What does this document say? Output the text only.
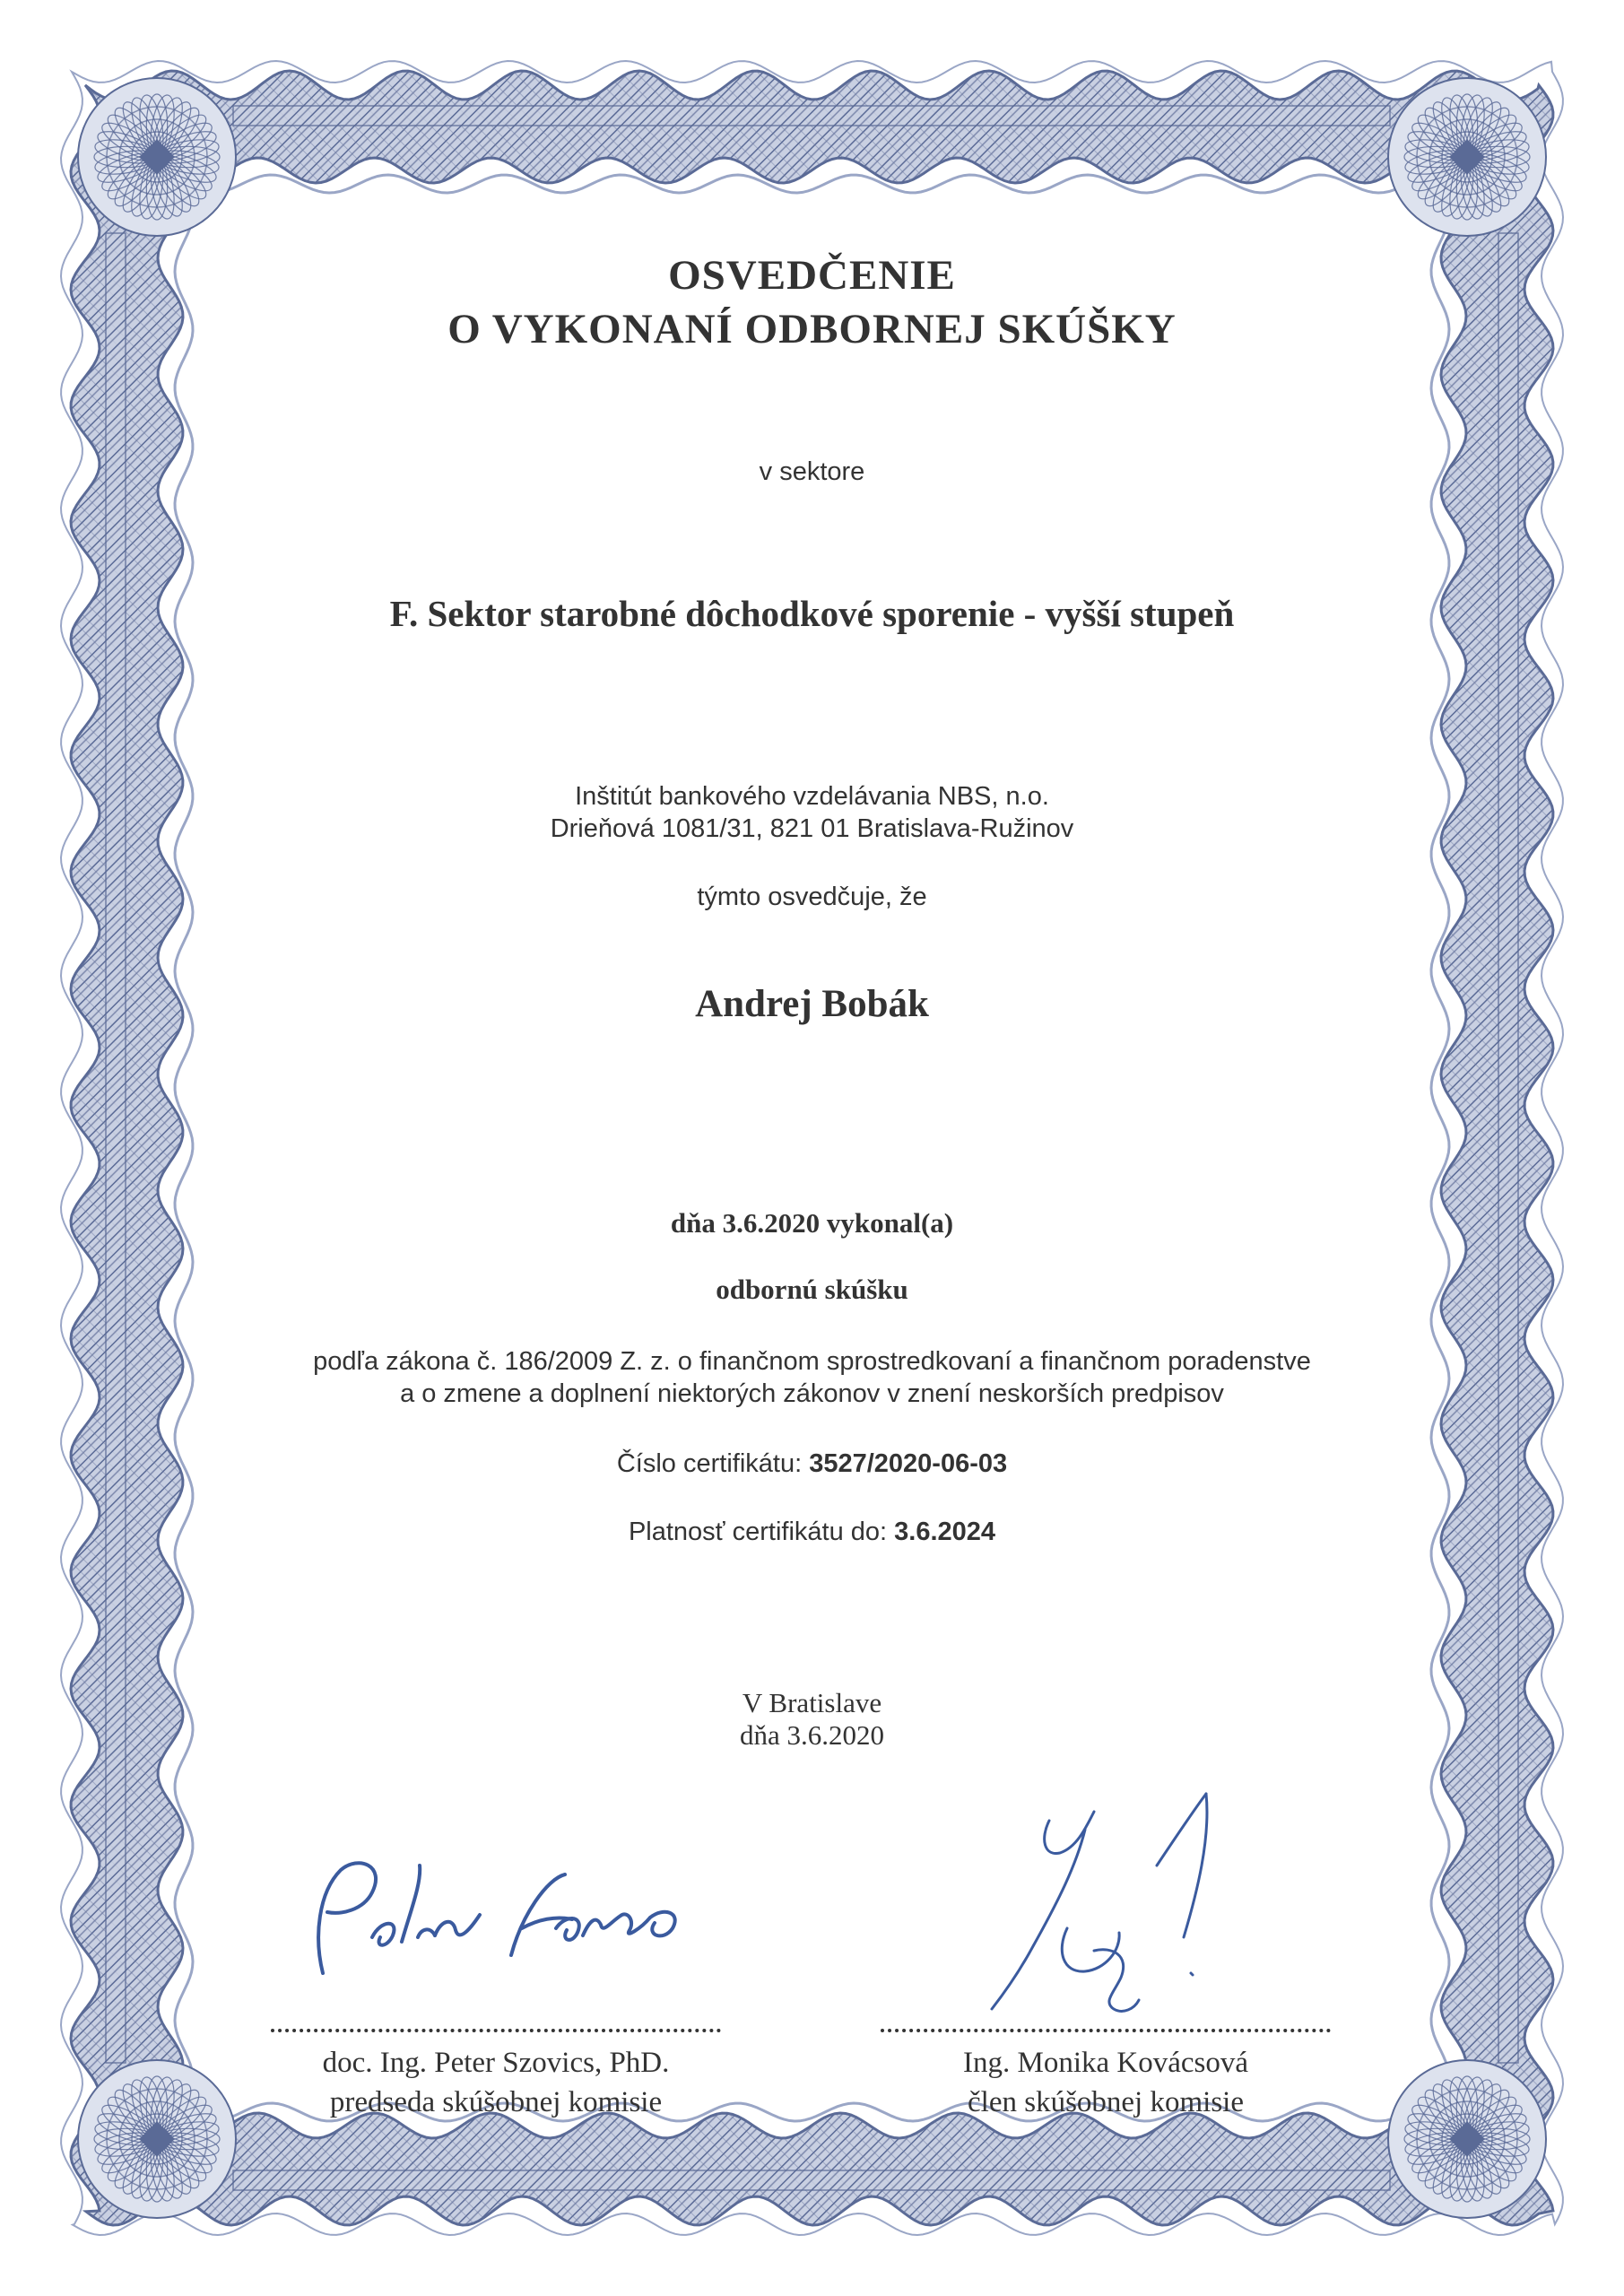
OSVEDČENIE
O VYKONANÍ ODBORNEJ SKÚŠKY
v sektore
F. Sektor starobné dôchodkové sporenie - vyšší stupeň
Inštitút bankového vzdelávania NBS, n.o.
Drieňová 1081/31, 821 01 Bratislava-Ružinov
týmto osvedčuje, že
Andrej Bobák
dňa 3.6.2020 vykonal(a)
odbornú skúšku
podľa zákona č. 186/2009 Z. z. o finančnom sprostredkovaní a finančnom poradenstve
a o zmene a doplnení niektorých zákonov v znení neskorších predpisov
Číslo certifikátu: 3527/2020-06-03
Platnosť certifikátu do: 3.6.2024
V Bratislave
dňa 3.6.2020
doc. Ing. Peter Szovics, PhD.
predseda skúšobnej komisie
Ing. Monika Kovácsová
člen skúšobnej komisie
